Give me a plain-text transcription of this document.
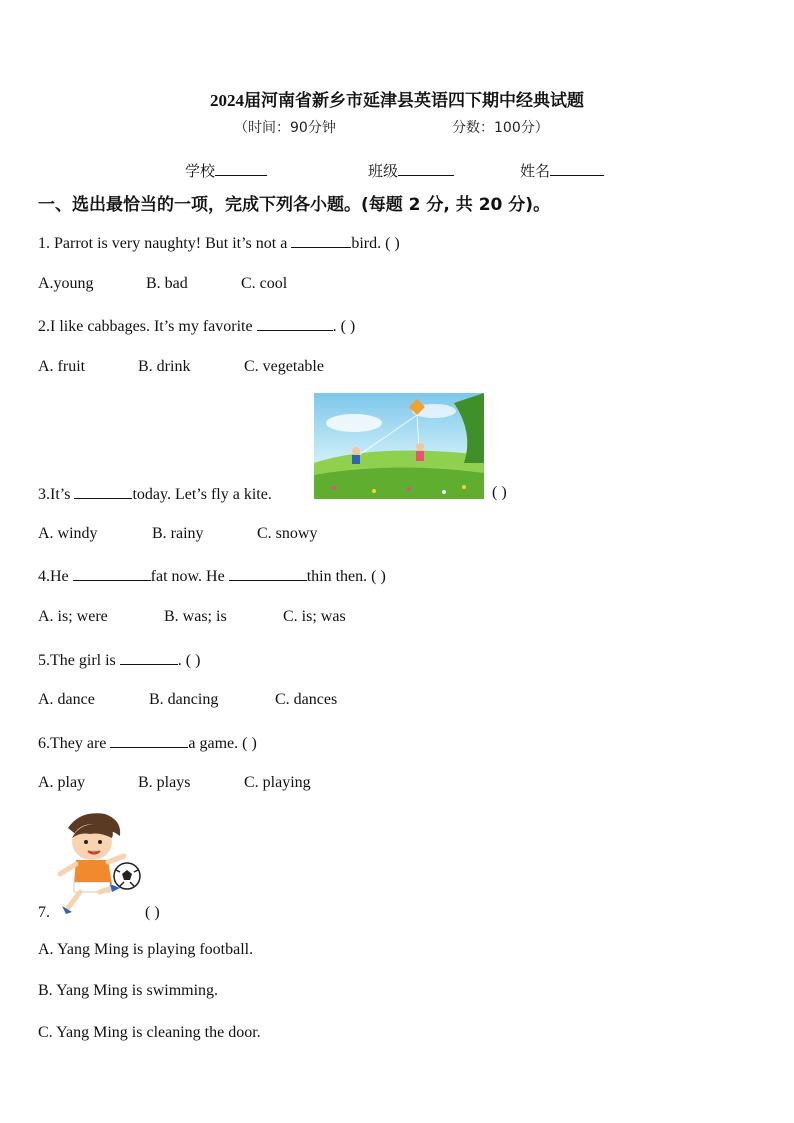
2024届河南省新乡市延津县英语四下期中经典试题
（时间：90分钟	分数：100分）
学校	班级	姓名
一、选出最恰当的一项，完成下列各小题。(每题 2 分, 共 20 分)。
1. Parrot is very naughty! But it’s not a	bird. ( )
A.young	B. bad	C. cool
2.I like cabbages. It’s my favorite	. ( )
A. fruit	B. drink	C. vegetable
3.It’s	today. Let’s fly a kite.	( )
A. windy	B. rainy	C. snowy
4.He	fat now. He	thin then. ( )
A. is; were	B. was; is	C. is; was
5.The girl is	. ( )
A. dance	B. dancing	C. dances
6.They are	a game. ( )
A. play	B. plays	C. playing
7.	( )
A. Yang Ming is playing football.
B. Yang Ming is swimming.
C. Yang Ming is cleaning the door.
